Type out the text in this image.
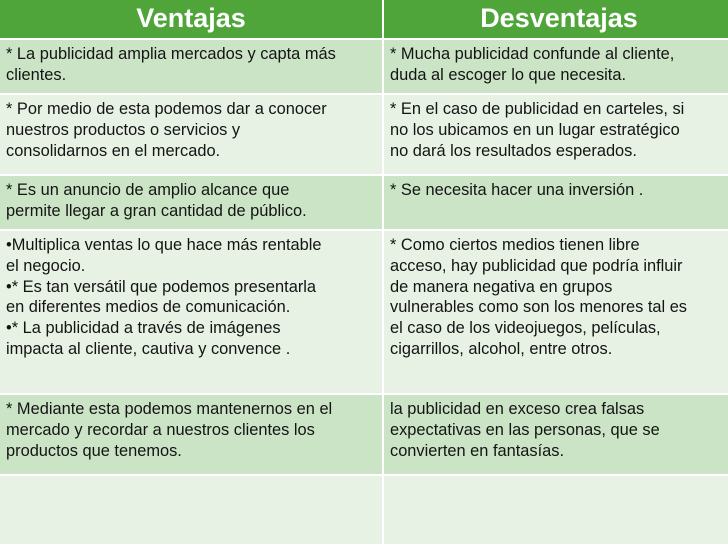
Ventajas	Desventajas
* La publicidad amplia mercados y capta más
clientes.
* Mucha publicidad confunde al cliente,
duda al escoger lo que necesita.
* Por medio de esta podemos dar a conocer
nuestros productos o servicios y
consolidarnos en el mercado.
* En el caso de publicidad en carteles, si
no los ubicamos en un lugar estratégico
no dará los resultados esperados.
* Es un anuncio de amplio alcance que
permite llegar a gran cantidad de público.
* Se necesita hacer una inversión .
•Multiplica ventas lo que hace más rentable
el negocio.
•* Es tan versátil que podemos presentarla
en diferentes medios de comunicación.
•* La publicidad a través de imágenes
impacta al cliente, cautiva y convence .
* Como ciertos medios tienen libre
acceso, hay publicidad que podría influir
de manera negativa en grupos
vulnerables como son los menores tal es
el caso de los videojuegos, películas,
cigarrillos, alcohol, entre otros.
* Mediante esta podemos mantenernos en el
mercado y recordar a nuestros clientes los
productos que tenemos.
la publicidad en exceso crea falsas
expectativas en las personas, que se
convierten en fantasías.
